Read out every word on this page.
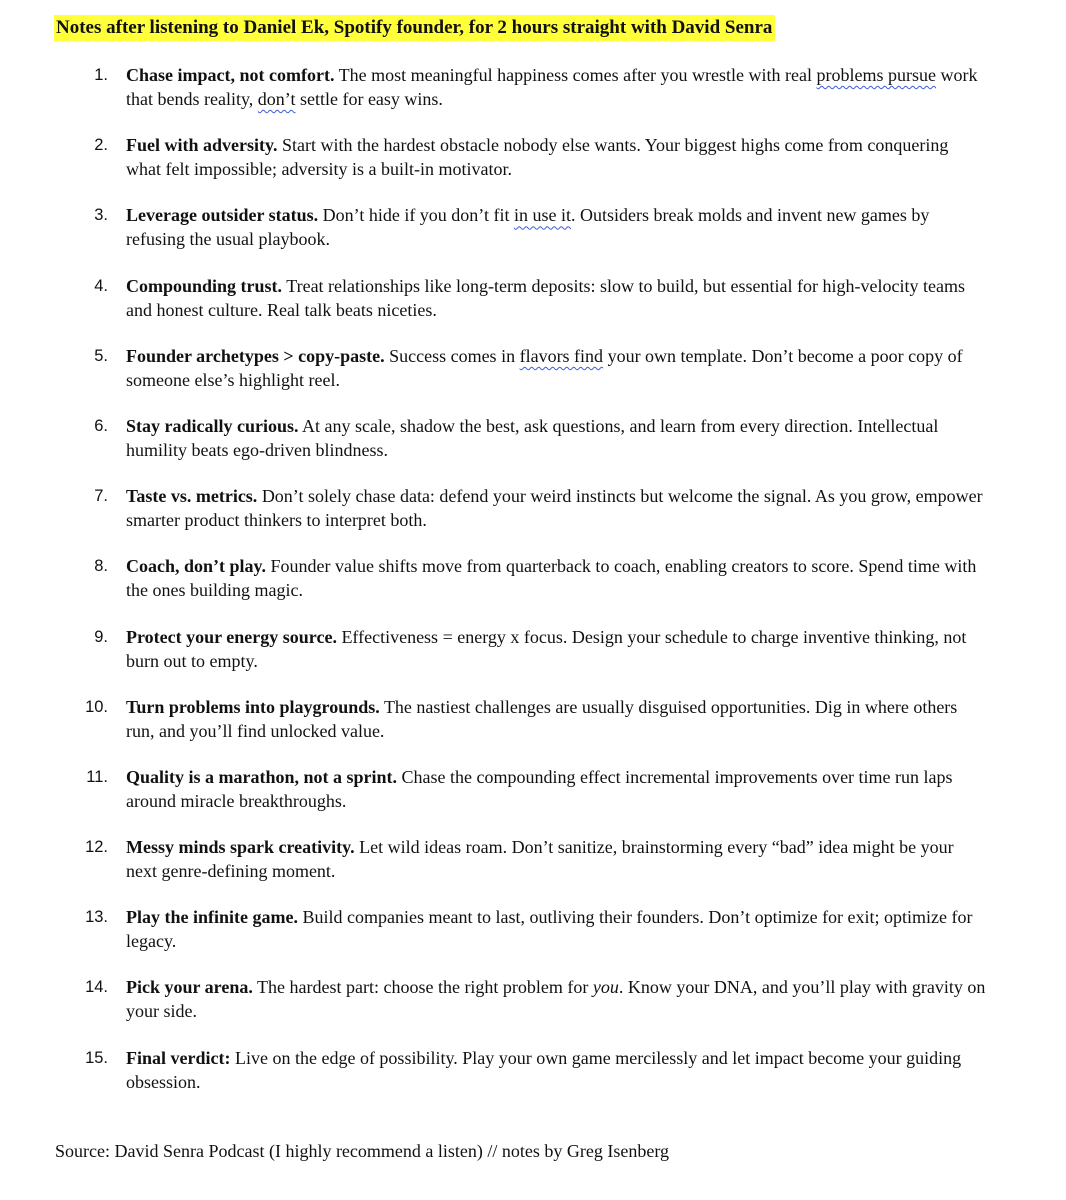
Notes after listening to Daniel Ek, Spotify founder, for 2 hours straight with David Senra
1. Chase impact, not comfort. The most meaningful happiness comes after you wrestle with real problems pursue work that bends reality, don’t settle for easy wins.
2. Fuel with adversity. Start with the hardest obstacle nobody else wants. Your biggest highs come from conquering what felt impossible; adversity is a built-in motivator.
3. Leverage outsider status. Don’t hide if you don’t fit in use it. Outsiders break molds and invent new games by refusing the usual playbook.
4. Compounding trust. Treat relationships like long-term deposits: slow to build, but essential for high-velocity teams and honest culture. Real talk beats niceties.
5. Founder archetypes > copy-paste. Success comes in flavors find your own template. Don’t become a poor copy of someone else’s highlight reel.
6. Stay radically curious. At any scale, shadow the best, ask questions, and learn from every direction. Intellectual humility beats ego-driven blindness.
7. Taste vs. metrics. Don’t solely chase data: defend your weird instincts but welcome the signal. As you grow, empower smarter product thinkers to interpret both.
8. Coach, don’t play. Founder value shifts move from quarterback to coach, enabling creators to score. Spend time with the ones building magic.
9. Protect your energy source. Effectiveness = energy x focus. Design your schedule to charge inventive thinking, not burn out to empty.
10. Turn problems into playgrounds. The nastiest challenges are usually disguised opportunities. Dig in where others run, and you’ll find unlocked value.
11. Quality is a marathon, not a sprint. Chase the compounding effect incremental improvements over time run laps around miracle breakthroughs.
12. Messy minds spark creativity. Let wild ideas roam. Don’t sanitize, brainstorming every “bad” idea might be your next genre-defining moment.
13. Play the infinite game. Build companies meant to last, outliving their founders. Don’t optimize for exit; optimize for legacy.
14. Pick your arena. The hardest part: choose the right problem for you. Know your DNA, and you’ll play with gravity on your side.
15. Final verdict: Live on the edge of possibility. Play your own game mercilessly and let impact become your guiding obsession.
Source: David Senra Podcast (I highly recommend a listen) // notes by Greg Isenberg
